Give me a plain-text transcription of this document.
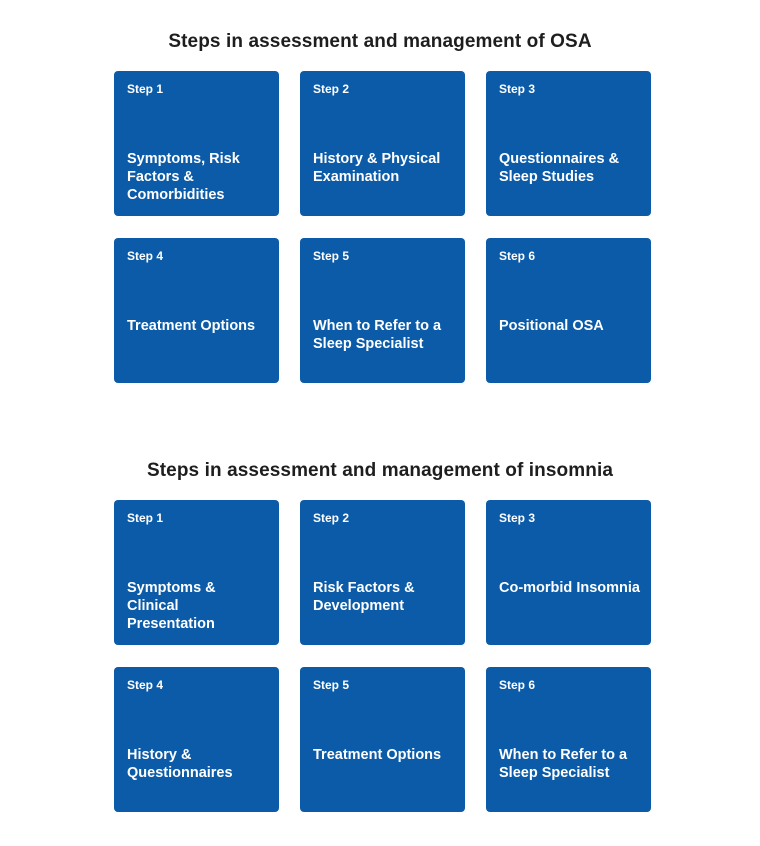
Steps in assessment and management of OSA
Step 1
Symptoms, Risk Factors & Comorbidities
Step 2
History & Physical Examination
Step 3
Questionnaires & Sleep Studies
Step 4
Treatment Options
Step 5
When to Refer to a Sleep Specialist
Step 6
Positional OSA
Steps in assessment and management of insomnia
Step 1
Symptoms & Clinical Presentation
Step 2
Risk Factors & Development
Step 3
Co-morbid Insomnia
Step 4
History & Questionnaires
Step 5
Treatment Options
Step 6
When to Refer to a Sleep Specialist
